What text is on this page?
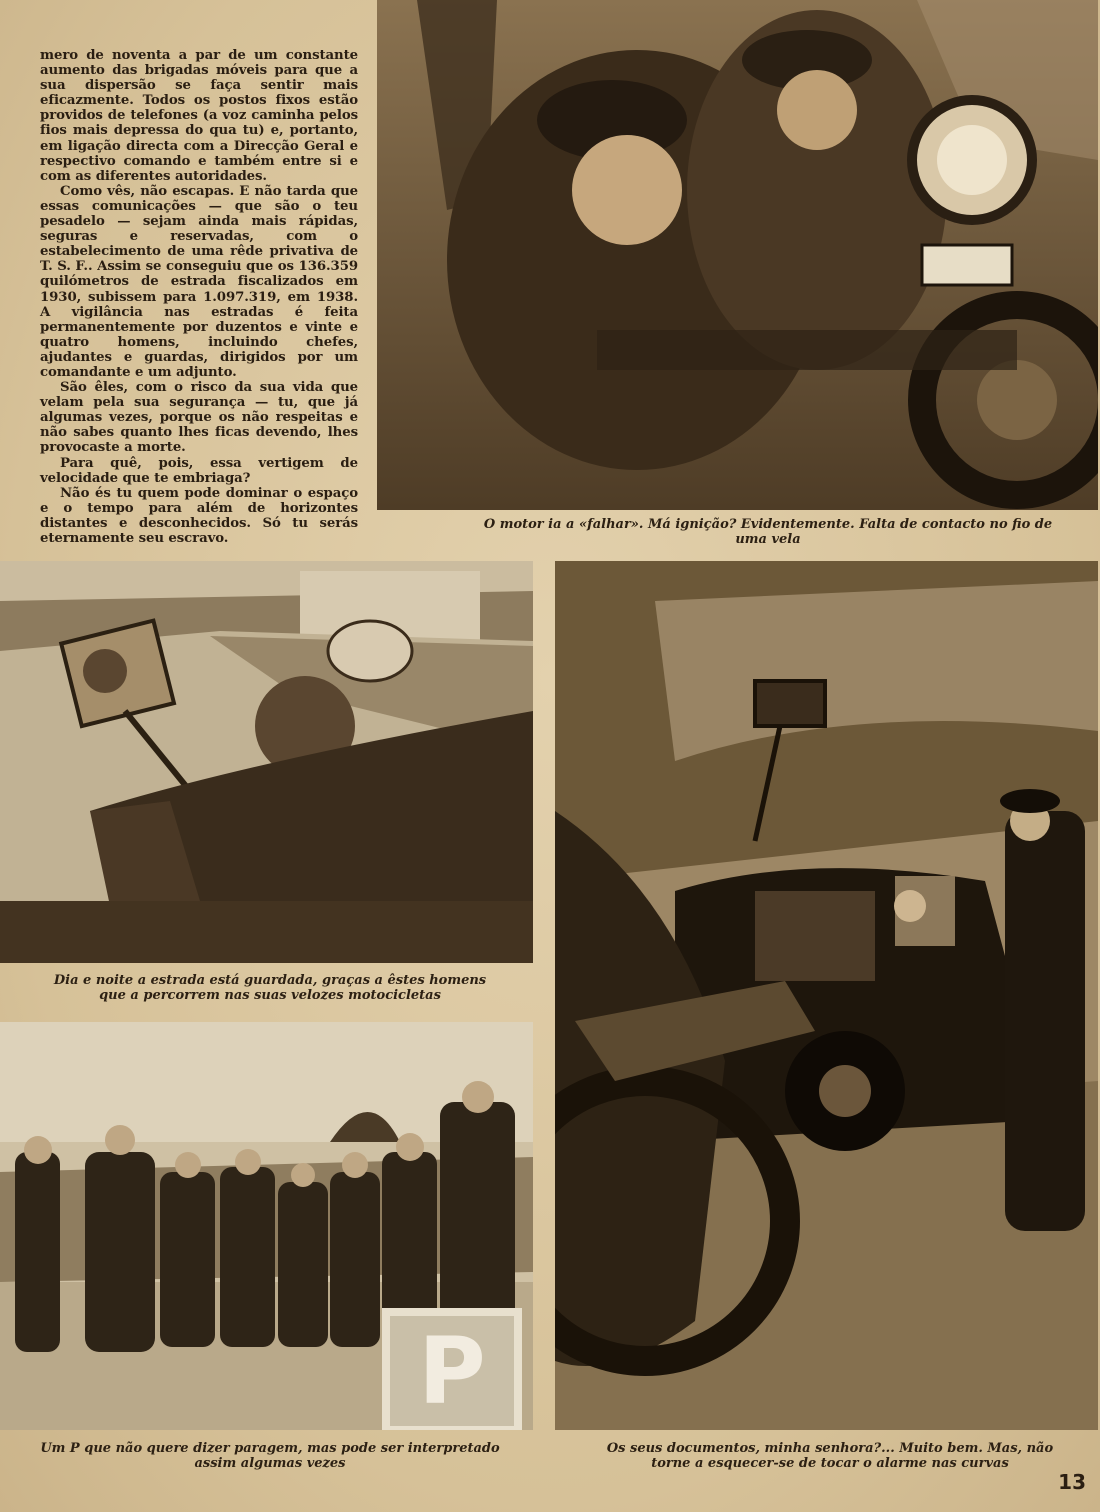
mero de noventa a par de um constante aumento das brigadas móveis para que a sua dispersão se faça sentir mais eficazmente. Todos os postos fixos estão providos de telefones (a voz caminha pelos fios mais depressa do qua tu) e, portanto, em ligação directa com a Direcção Geral e respectivo comando e também entre si e com as diferentes autoridades.

Como vês, não escapas. E não tarda que essas comunicações — que são o teu pesadelo — sejam ainda mais rápidas, seguras e reservadas, com o estabelecimento de uma rêde privativa de T. S. F.. Assim se conseguiu que os 136.359 quilómetros de estrada fiscalizados em 1930, subissem para 1.097.319, em 1938. A vigilância nas estradas é feita permanentemente por duzentos e vinte e quatro homens, incluindo chefes, ajudantes e guardas, dirigidos por um comandante e um adjunto.

São êles, com o risco da sua vida que velam pela sua segurança — tu, que já algumas vezes, porque os não respeitas e não sabes quanto lhes ficas devendo, lhes provocaste a morte.

Para quê, pois, essa vertigem de velocidade que te embriaga?

Não és tu quem pode dominar o espaço e o tempo para além de horizontes distantes e desconhecidos. Só tu serás eternamente seu escravo.

O motor ia a «falhar». Má ignição? Evidentemente. Falta de contacto no fio de uma vela
Dia e noite a estrada está guardada, graças a êstes homens que a percorrem nas suas velozes motocicletas
P
Um P que não quere dizer paragem, mas pode ser interpretado assim algumas vezes
Os seus documentos, minha senhora?... Muito bem. Mas, não torne a esquecer-se de tocar o alarme nas curvas
13
